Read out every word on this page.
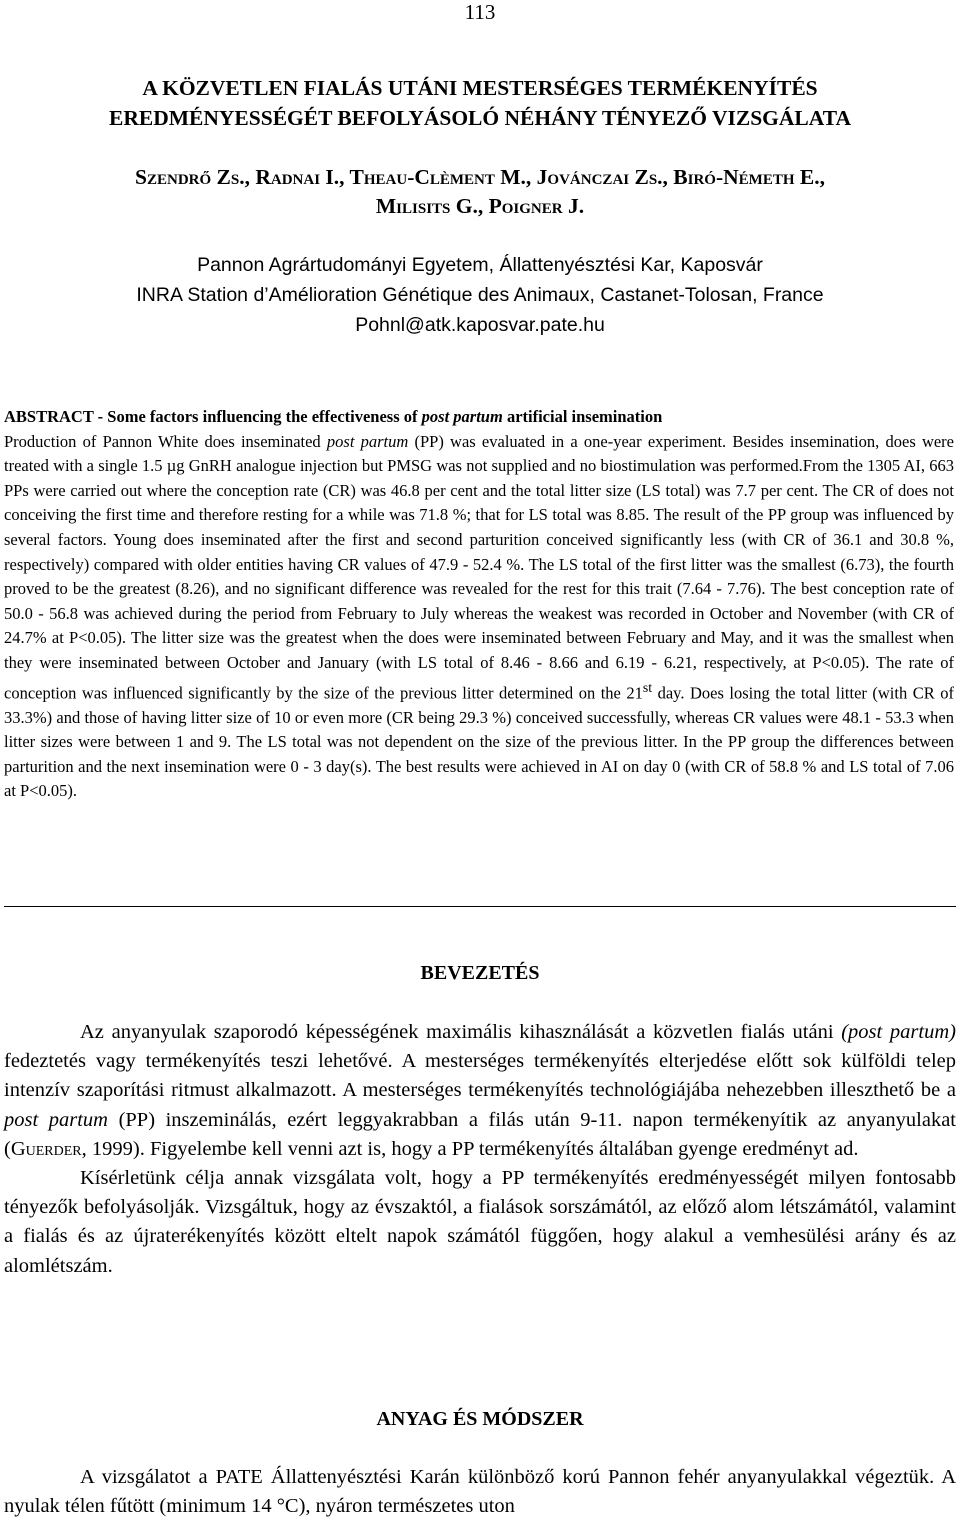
113
A KÖZVETLEN FIALÁS UTÁNI MESTERSÉGES TERMÉKENYÍTÉS
EREDMÉNYESSÉGÉT BEFOLYÁSOLÓ NÉHÁNY TÉNYEZŐ VIZSGÁLATA
Szendrő Zs., Radnai I., Theau-Clèment M., Jovánczai Zs., Biró-Németh E.,
Milisits G., Poigner J.
Pannon Agrártudományi Egyetem, Állattenyésztési Kar, Kaposvár
INRA Station d’Amélioration Génétique des Animaux, Castanet-Tolosan, France
Pohnl@atk.kaposvar.pate.hu
ABSTRACT - Some factors influencing the effectiveness of post partum artificial insemination
Production of Pannon White does inseminated post partum (PP) was evaluated in a one-year experiment. Besides insemination, does were treated with a single 1.5 µg GnRH analogue injection but PMSG was not supplied and no biostimulation was performed.From the 1305 AI, 663 PPs were carried out where the conception rate (CR) was 46.8 per cent and the total litter size (LS total) was 7.7 per cent. The CR of does not conceiving the first time and therefore resting for a while was 71.8 %; that for LS total was 8.85. The result of the PP group was influenced by several factors. Young does inseminated after the first and second parturition conceived significantly less (with CR of 36.1 and 30.8 %, respectively) compared with older entities having CR values of 47.9 - 52.4 %. The LS total of the first litter was the smallest (6.73), the fourth proved to be the greatest (8.26), and no significant difference was revealed for the rest for this trait (7.64 - 7.76). The best conception rate of 50.0 - 56.8 was achieved during the period from February to July whereas the weakest was recorded in October and November (with CR of 24.7% at P<0.05). The litter size was the greatest when the does were inseminated between February and May, and it was the smallest when they were inseminated between October and January (with LS total of 8.46 - 8.66 and 6.19 - 6.21, respectively, at P<0.05). The rate of conception was influenced significantly by the size of the previous litter determined on the 21st day. Does losing the total litter (with CR of 33.3%) and those of having litter size of 10 or even more (CR being 29.3 %) conceived successfully, whereas CR values were 48.1 - 53.3 when litter sizes were between 1 and 9. The LS total was not dependent on the size of the previous litter. In the PP group the differences between parturition and the next insemination were 0 - 3 day(s). The best results were achieved in AI on day 0 (with CR of 58.8 % and LS total of 7.06 at P<0.05).
BEVEZETÉS

Az anyanyulak szaporodó képességének maximális kihasználását a közvetlen fialás utáni (post partum) fedeztetés vagy termékenyítés teszi lehetővé. A mesterséges termékenyítés elterjedése előtt sok külföldi telep intenzív szaporítási ritmust alkalmazott. A mesterséges termékenyítés technológiájába nehezebben illeszthető be a post partum (PP) inszeminálás, ezért leggyakrabban a filás után 9-11. napon termékenyítik az anyanyulakat (Guerder, 1999). Figyelembe kell venni azt is, hogy a PP termékenyítés általában gyenge eredményt ad.

Kísérletünk célja annak vizsgálata volt, hogy a PP termékenyítés eredményességét milyen fontosabb tényezők befolyásolják. Vizsgáltuk, hogy az évszaktól, a fialások sorszámától, az előző alom létszámától, valamint a fialás és az újraterékenyítés között eltelt napok számától függően, hogy alakul a vemhesülési arány és az alomlétszám.

ANYAG ÉS MÓDSZER

A vizsgálatot a PATE Állattenyésztési Karán különböző korú Pannon fehér anyanyulakkal végeztük. A nyulak télen fűtött (minimum 14 °C), nyáron természetes uton
